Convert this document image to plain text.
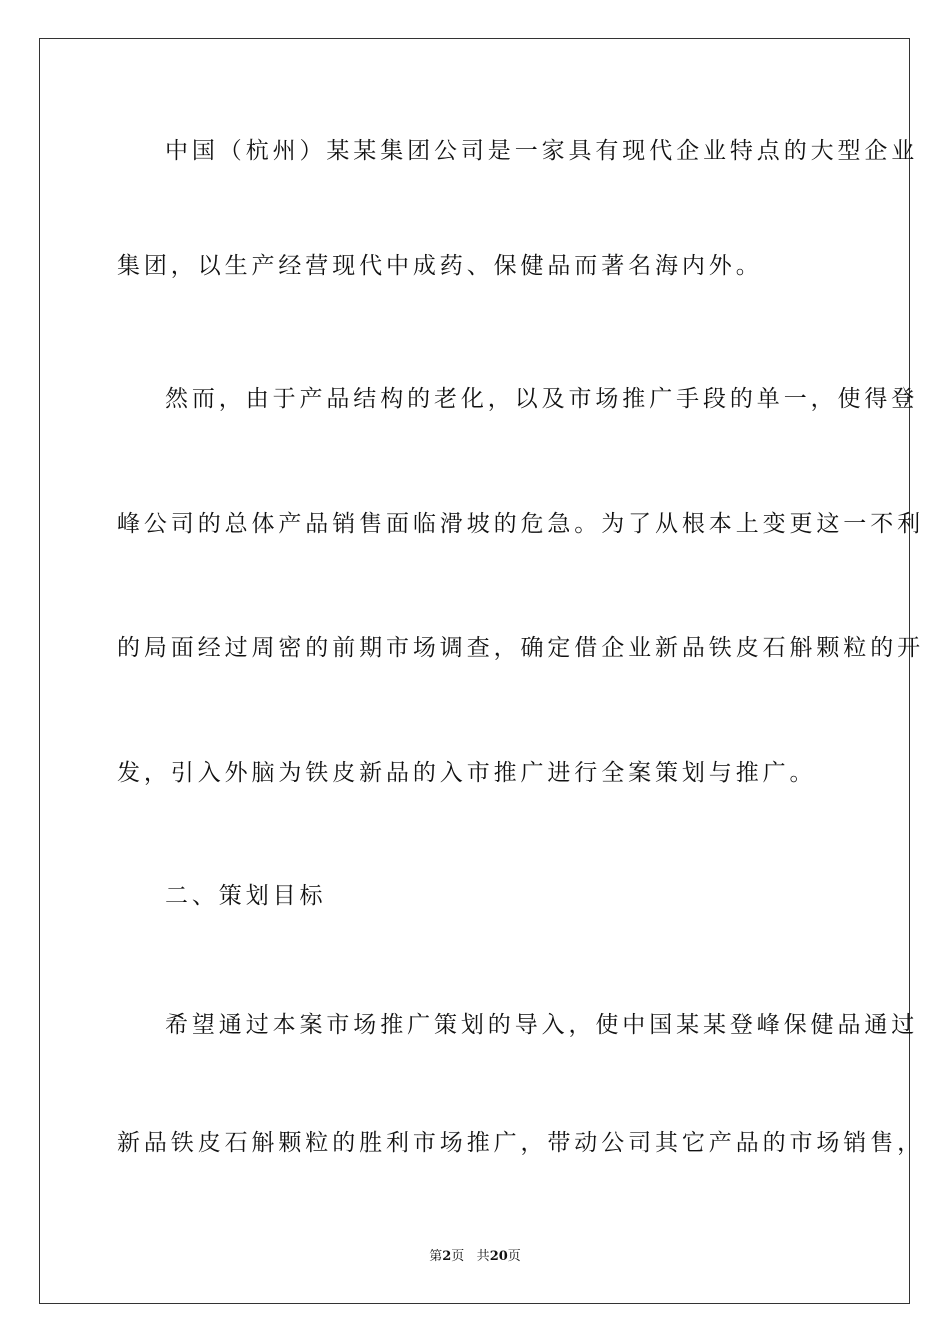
中国（杭州）某某集团公司是一家具有现代企业特点的大型企业
集团，以生产经营现代中成药、保健品而著名海内外。
然而，由于产品结构的老化，以及市场推广手段的单一，使得登
峰公司的总体产品销售面临滑坡的危急。为了从根本上变更这一不利
的局面经过周密的前期市场调查，确定借企业新品铁皮石斛颗粒的开
发，引入外脑为铁皮新品的入市推广进行全案策划与推广。
二、策划目标
希望通过本案市场推广策划的导入，使中国某某登峰保健品通过
新品铁皮石斛颗粒的胜利市场推广，带动公司其它产品的市场销售，
第2页 共20页
